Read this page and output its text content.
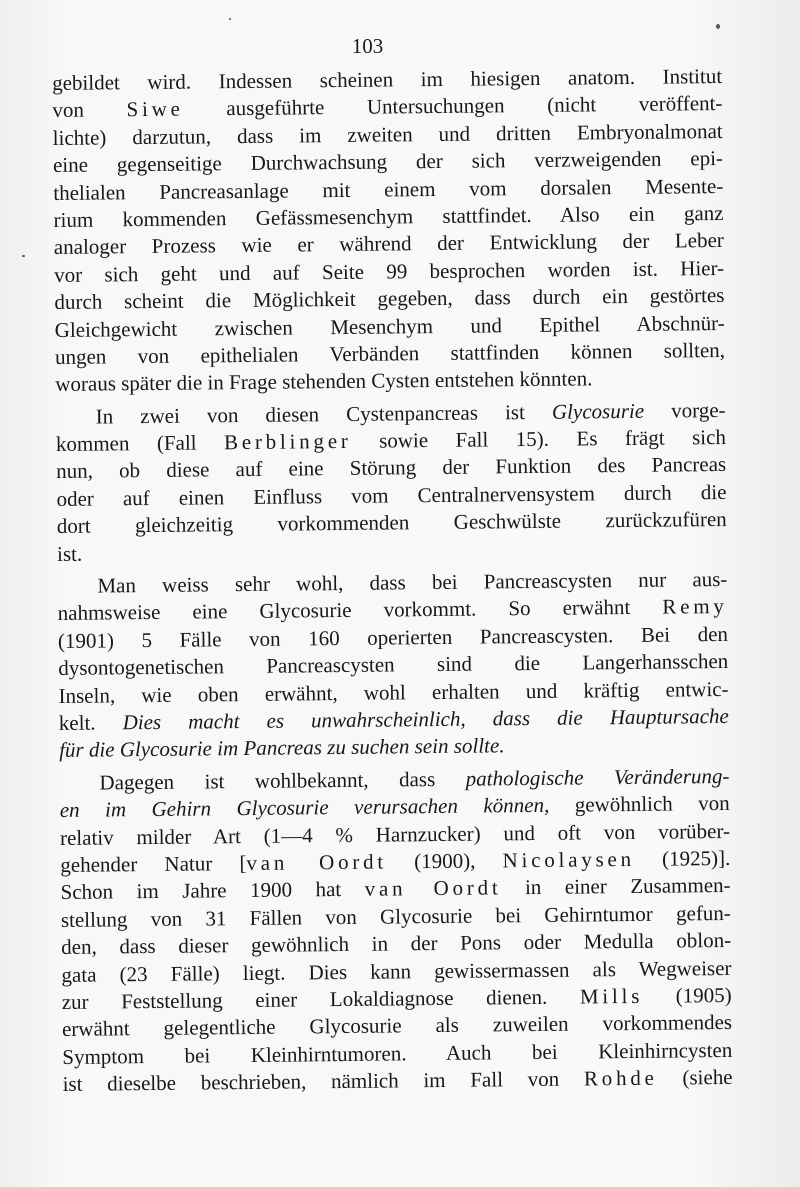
103
gebildet wird. Indessen scheinen im hiesigen anatom. Institut
von Siwe ausgeführte Untersuchungen (nicht veröffent-
lichte) darzutun, dass im zweiten und dritten Embryonalmonat
eine gegenseitige Durchwachsung der sich verzweigenden epi-
thelialen Pancreasanlage mit einem vom dorsalen Mesente-
rium kommenden Gefässmesenchym stattfindet. Also ein ganz
analoger Prozess wie er während der Entwicklung der Leber
vor sich geht und auf Seite 99 besprochen worden ist. Hier-
durch scheint die Möglichkeit gegeben, dass durch ein gestörtes
Gleichgewicht zwischen Mesenchym und Epithel Abschnür-
ungen von epithelialen Verbänden stattfinden können sollten,
woraus später die in Frage stehenden Cysten entstehen könnten.
In zwei von diesen Cystenpancreas ist Glycosurie vorge-
kommen (Fall Berblinger sowie Fall 15). Es frägt sich
nun, ob diese auf eine Störung der Funktion des Pancreas
oder auf einen Einfluss vom Centralnervensystem durch die
dort gleichzeitig vorkommenden Geschwülste zurückzufüren
ist.
Man weiss sehr wohl, dass bei Pancreascysten nur aus-
nahmsweise eine Glycosurie vorkommt. So erwähnt Remy
(1901) 5 Fälle von 160 operierten Pancreascysten. Bei den
dysontogenetischen Pancreascysten sind die Langerhansschen
Inseln, wie oben erwähnt, wohl erhalten und kräftig entwic-
kelt. Dies macht es unwahrscheinlich, dass die Hauptursache
für die Glycosurie im Pancreas zu suchen sein sollte.
Dagegen ist wohlbekannt, dass pathologische Veränderung-
en im Gehirn Glycosurie verursachen können, gewöhnlich von
relativ milder Art (1—4 % Harnzucker) und oft von vorüber-
gehender Natur [van Oordt (1900), Nicolaysen (1925)].
Schon im Jahre 1900 hat van Oordt in einer Zusammen-
stellung von 31 Fällen von Glycosurie bei Gehirntumor gefun-
den, dass dieser gewöhnlich in der Pons oder Medulla oblon-
gata (23 Fälle) liegt. Dies kann gewissermassen als Wegweiser
zur Feststellung einer Lokaldiagnose dienen. Mills (1905)
erwähnt gelegentliche Glycosurie als zuweilen vorkommendes
Symptom bei Kleinhirntumoren. Auch bei Kleinhirncysten
ist dieselbe beschrieben, nämlich im Fall von Rohde (siehe
